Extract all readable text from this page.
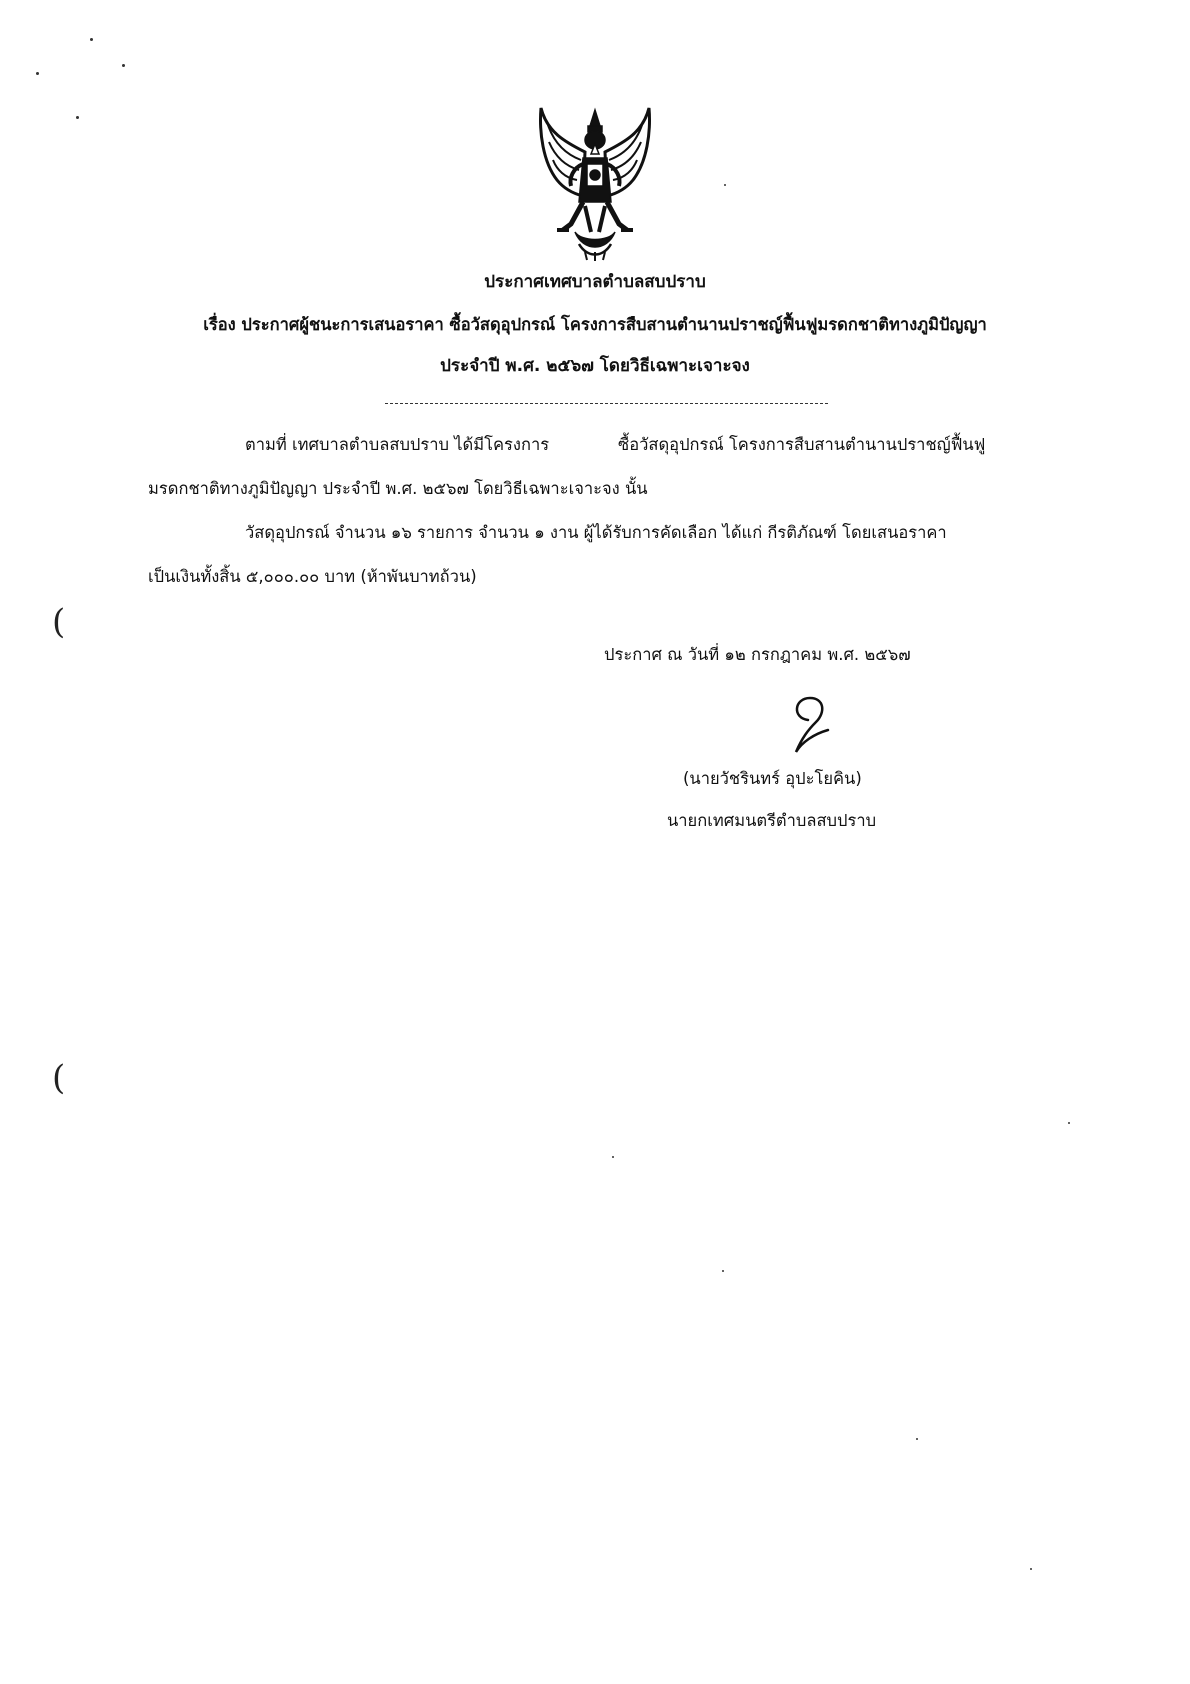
ประกาศเทศบาลตำบลสบปราบ
เรื่อง ประกาศผู้ชนะการเสนอราคา ซื้อวัสดุอุปกรณ์ โครงการสืบสานตำนานปราชญ์ฟื้นฟูมรดกชาติทางภูมิปัญญา
ประจำปี พ.ศ. ๒๕๖๗ โดยวิธีเฉพาะเจาะจง
ตามที่ เทศบาลตำบลสบปราบ ได้มีโครงการ	ซื้อวัสดุอุปกรณ์ โครงการสืบสานตำนานปราชญ์ฟื้นฟู
มรดกชาติทางภูมิปัญญา ประจำปี พ.ศ. ๒๕๖๗ โดยวิธีเฉพาะเจาะจง นั้น
วัสดุอุปกรณ์ จำนวน ๑๖ รายการ จำนวน ๑ งาน ผู้ได้รับการคัดเลือก ได้แก่ กีรติภัณฑ์ โดยเสนอราคา
เป็นเงินทั้งสิ้น ๕,๐๐๐.๐๐ บาท (ห้าพันบาทถ้วน)
ประกาศ ณ วันที่ ๑๒ กรกฎาคม พ.ศ. ๒๕๖๗
(นายวัชรินทร์ อุปะโยคิน)
นายกเทศมนตรีตำบลสบปราบ
(
(
